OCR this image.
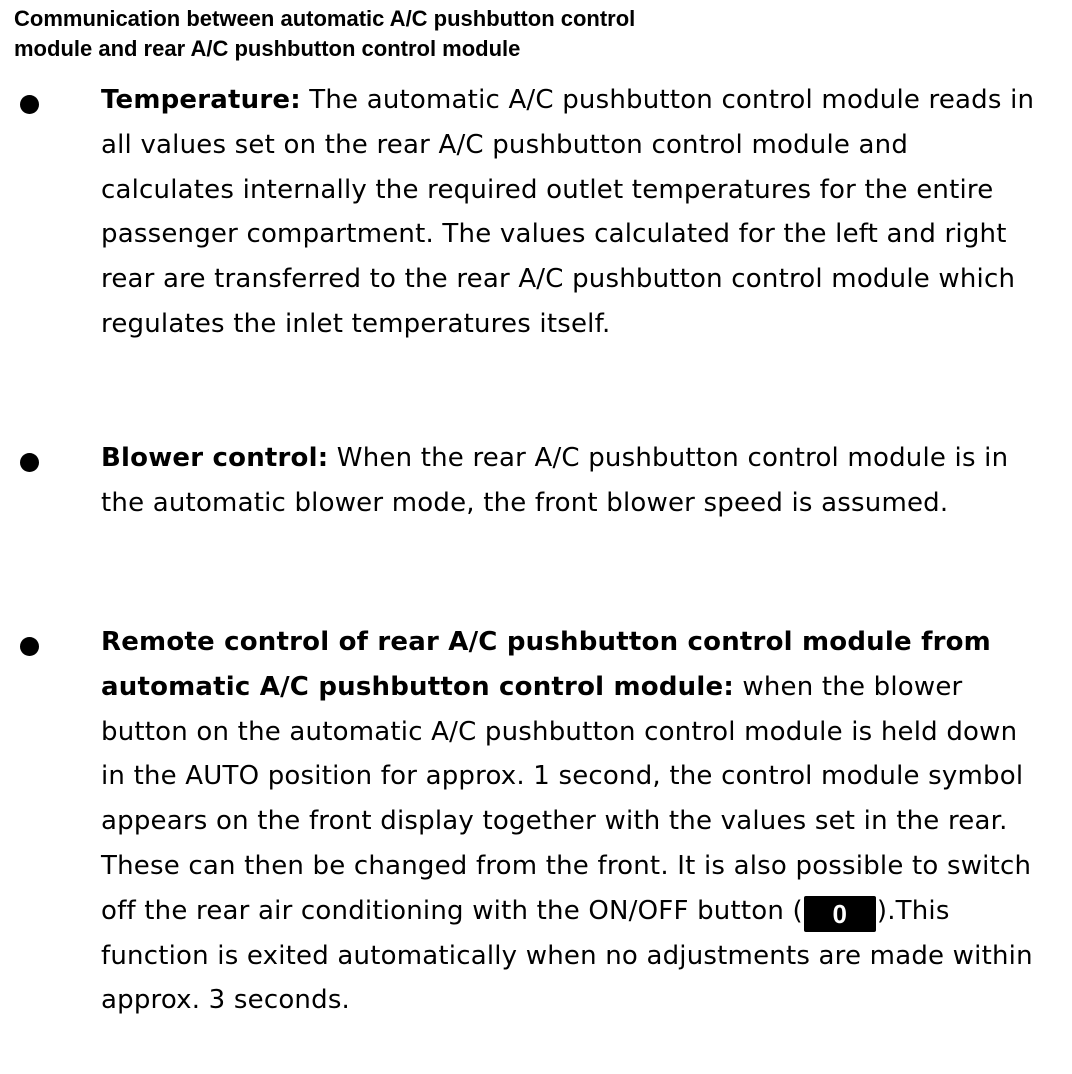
Communication between automatic A/C pushbutton control
module and rear A/C pushbutton control module
Temperature: The automatic A/C pushbutton control module reads in all values set on the rear A/C pushbutton control module and calculates internally the required outlet temperatures for the entire passenger compartment. The values calculated for the left and right rear are transferred to the rear A/C pushbutton control module which regulates the inlet temperatures itself.
Blower control: When the rear A/C pushbutton control module is in the automatic blower mode, the front blower speed is assumed.
Remote control of rear A/C pushbutton control module from automatic A/C pushbutton control module: when the blower button on the automatic A/C pushbutton control module is held down in the AUTO position for approx. 1 second, the control module symbol appears on the front display together with the values set in the rear. These can then be changed from the front. It is also possible to switch off the rear air conditioning with the ON/OFF button ( 0 ).This function is exited automatically when no adjustments are made within approx. 3 seconds.
